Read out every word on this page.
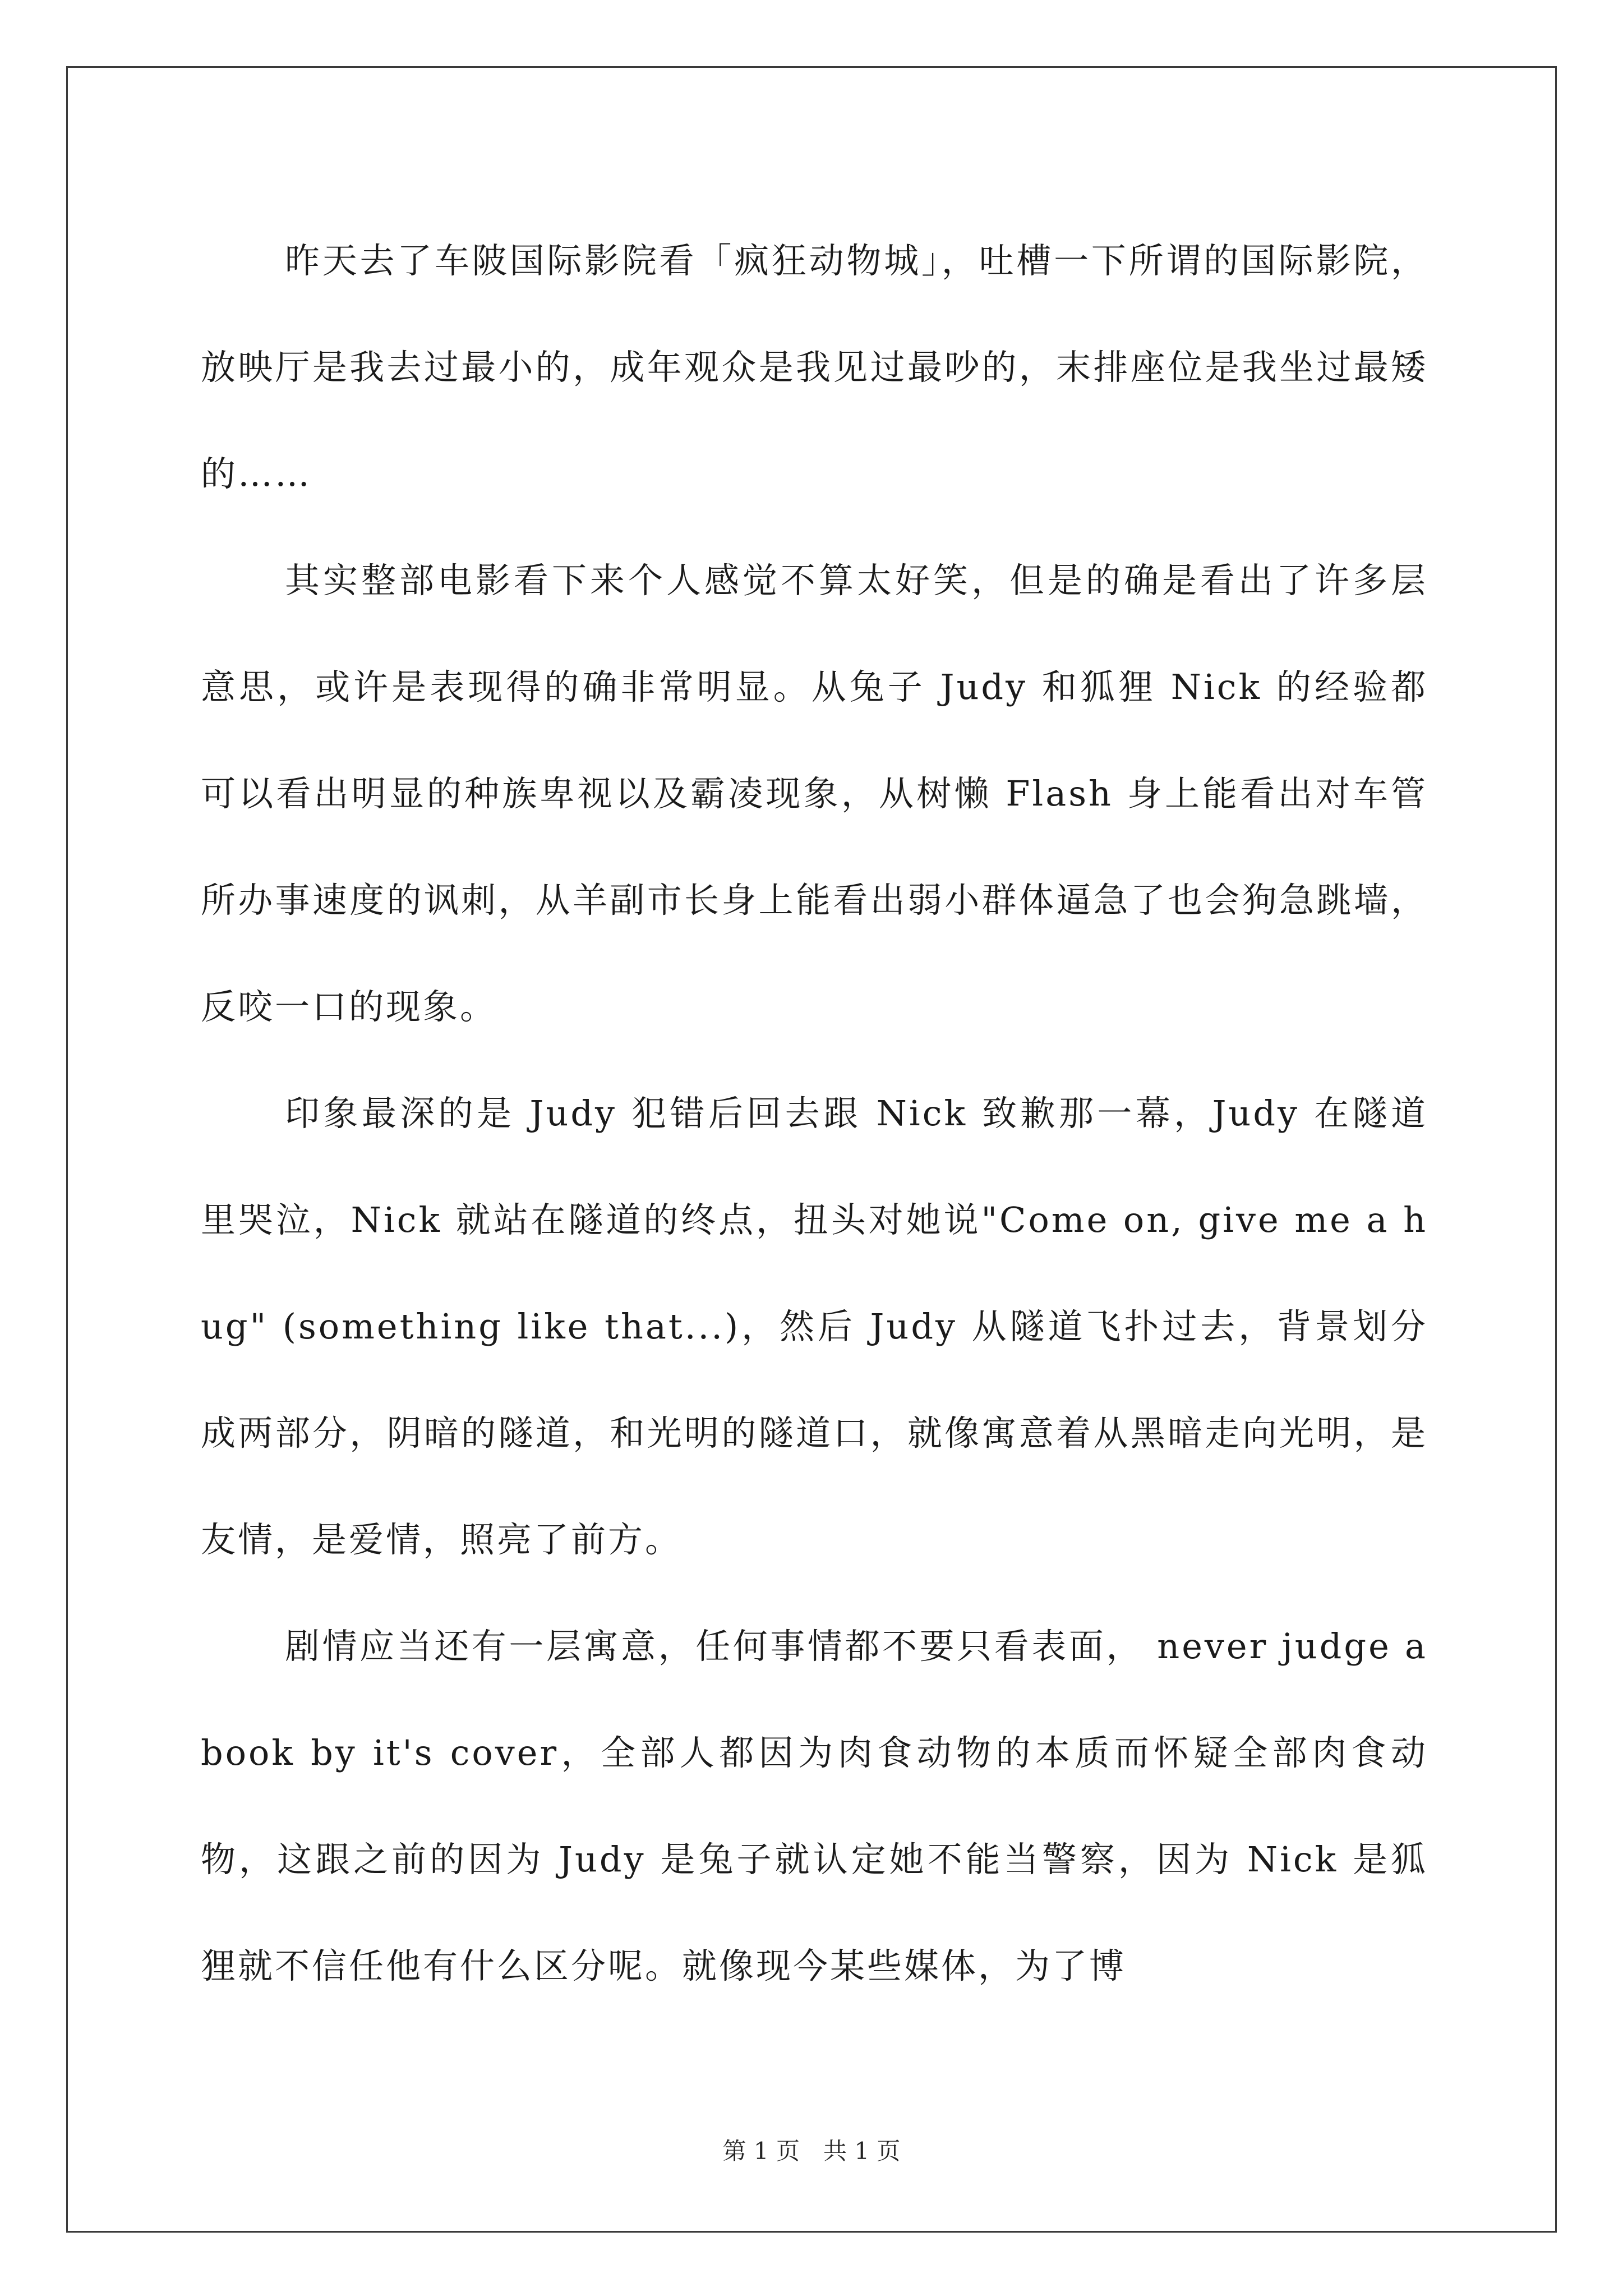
昨天去了车陂国际影院看「疯狂动物城」，吐槽一下所谓的国际影院，放映厅是我去过最小的，成年观众是我见过最吵的，末排座位是我坐过最矮的……

其实整部电影看下来个人感觉不算太好笑，但是的确是看出了许多层意思，或许是表现得的确非常明显。从兔子 Judy 和狐狸 Nick 的经验都可以看出明显的种族卑视以及霸凌现象，从树懒 Flash 身上能看出对车管所办事速度的讽刺，从羊副市长身上能看出弱小群体逼急了也会狗急跳墙，反咬一口的现象。

印象最深的是 Judy 犯错后回去跟 Nick 致歉那一幕，Judy 在隧道里哭泣，Nick 就站在隧道的终点，扭头对她说"Come on, give me a hug" (something like that...)，然后 Judy 从隧道飞扑过去，背景划分成两部分，阴暗的隧道，和光明的隧道口，就像寓意着从黑暗走向光明，是友情，是爱情，照亮了前方。

剧情应当还有一层寓意，任何事情都不要只看表面， never judge a book by it's cover，全部人都因为肉食动物的本质而怀疑全部肉食动物，这跟之前的因为 Judy 是兔子就认定她不能当警察，因为 Nick 是狐狸就不信任他有什么区分呢。就像现今某些媒体，为了博

第 1 页　共 1 页
